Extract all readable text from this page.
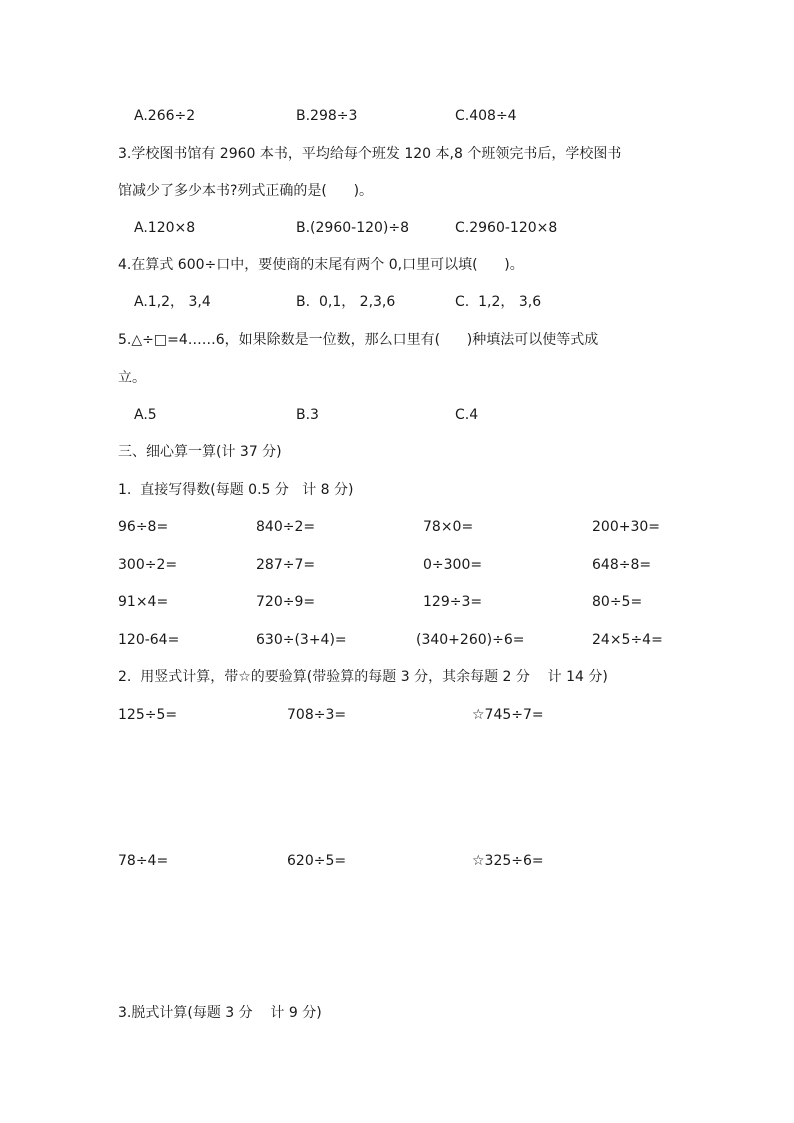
A.266÷2	B.298÷3	C.408÷4
3.学校图书馆有 2960 本书，平均给每个班发 120 本,8 个班领完书后，学校图书
馆减少了多少本书?列式正确的是(      )。
A.120×8	B.(2960-120)÷8	C.2960-120×8
4.在算式 600÷口中，要使商的末尾有两个 0,口里可以填(      )。
A.1,2， 3,4	B.  0,1， 2,3,6	C.  1,2， 3,6
5.△÷□=4……6，如果除数是一位数，那么口里有(      )种填法可以使等式成
立。
A.5	B.3	C.4
三、细心算一算(计 37 分)
1.  直接写得数(每题 0.5 分   计 8 分)
96÷8=	840÷2=	78×0=	200+30=
300÷2=	287÷7=	0÷300=	648÷8=
91×4=	720÷9=	129÷3=	80÷5=
120-64=	630÷(3+4)=	(340+260)÷6=	24×5÷4=
2.  用竖式计算，带☆的要验算(带验算的每题 3 分，其余每题 2 分    计 14 分)
125÷5=	708÷3=	☆745÷7=
78÷4=	620÷5=	☆325÷6=
3.脱式计算(每题 3 分    计 9 分)
